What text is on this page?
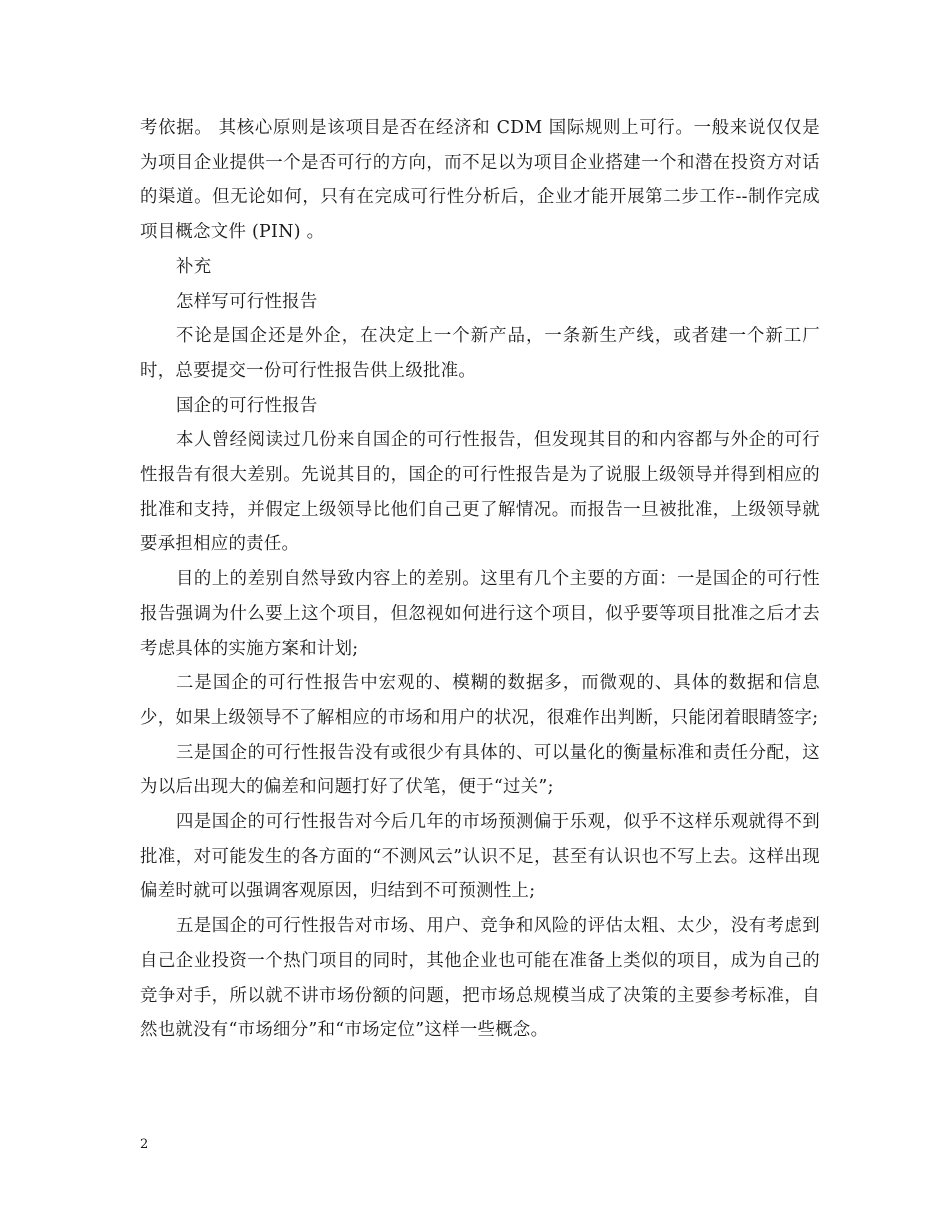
考依据。 其核心原则是该项目是否在经济和 CDM 国际规则上可行。一般来说仅仅是为项目企业提供一个是否可行的方向，而不足以为项目企业搭建一个和潜在投资方对话的渠道。但无论如何，只有在完成可行性分析后，企业才能开展第二步工作--制作完成项目概念文件 (PIN) 。

补充

怎样写可行性报告

不论是国企还是外企，在决定上一个新产品，一条新生产线，或者建一个新工厂时，总要提交一份可行性报告供上级批准。

国企的可行性报告

本人曾经阅读过几份来自国企的可行性报告，但发现其目的和内容都与外企的可行性报告有很大差别。先说其目的，国企的可行性报告是为了说服上级领导并得到相应的批准和支持，并假定上级领导比他们自己更了解情况。而报告一旦被批准，上级领导就要承担相应的责任。

目的上的差别自然导致内容上的差别。这里有几个主要的方面：一是国企的可行性报告强调为什么要上这个项目，但忽视如何进行这个项目，似乎要等项目批准之后才去考虑具体的实施方案和计划;

二是国企的可行性报告中宏观的、模糊的数据多，而微观的、具体的数据和信息少，如果上级领导不了解相应的市场和用户的状况，很难作出判断，只能闭着眼睛签字;

三是国企的可行性报告没有或很少有具体的、可以量化的衡量标准和责任分配，这为以后出现大的偏差和问题打好了伏笔，便于“过关”;

四是国企的可行性报告对今后几年的市场预测偏于乐观，似乎不这样乐观就得不到批准，对可能发生的各方面的“不测风云”认识不足，甚至有认识也不写上去。这样出现偏差时就可以强调客观原因，归结到不可预测性上;

五是国企的可行性报告对市场、用户、竞争和风险的评估太粗、太少，没有考虑到自己企业投资一个热门项目的同时，其他企业也可能在准备上类似的项目，成为自己的竞争对手，所以就不讲市场份额的问题，把市场总规模当成了决策的主要参考标准，自然也就没有“市场细分”和“市场定位”这样一些概念。

2
